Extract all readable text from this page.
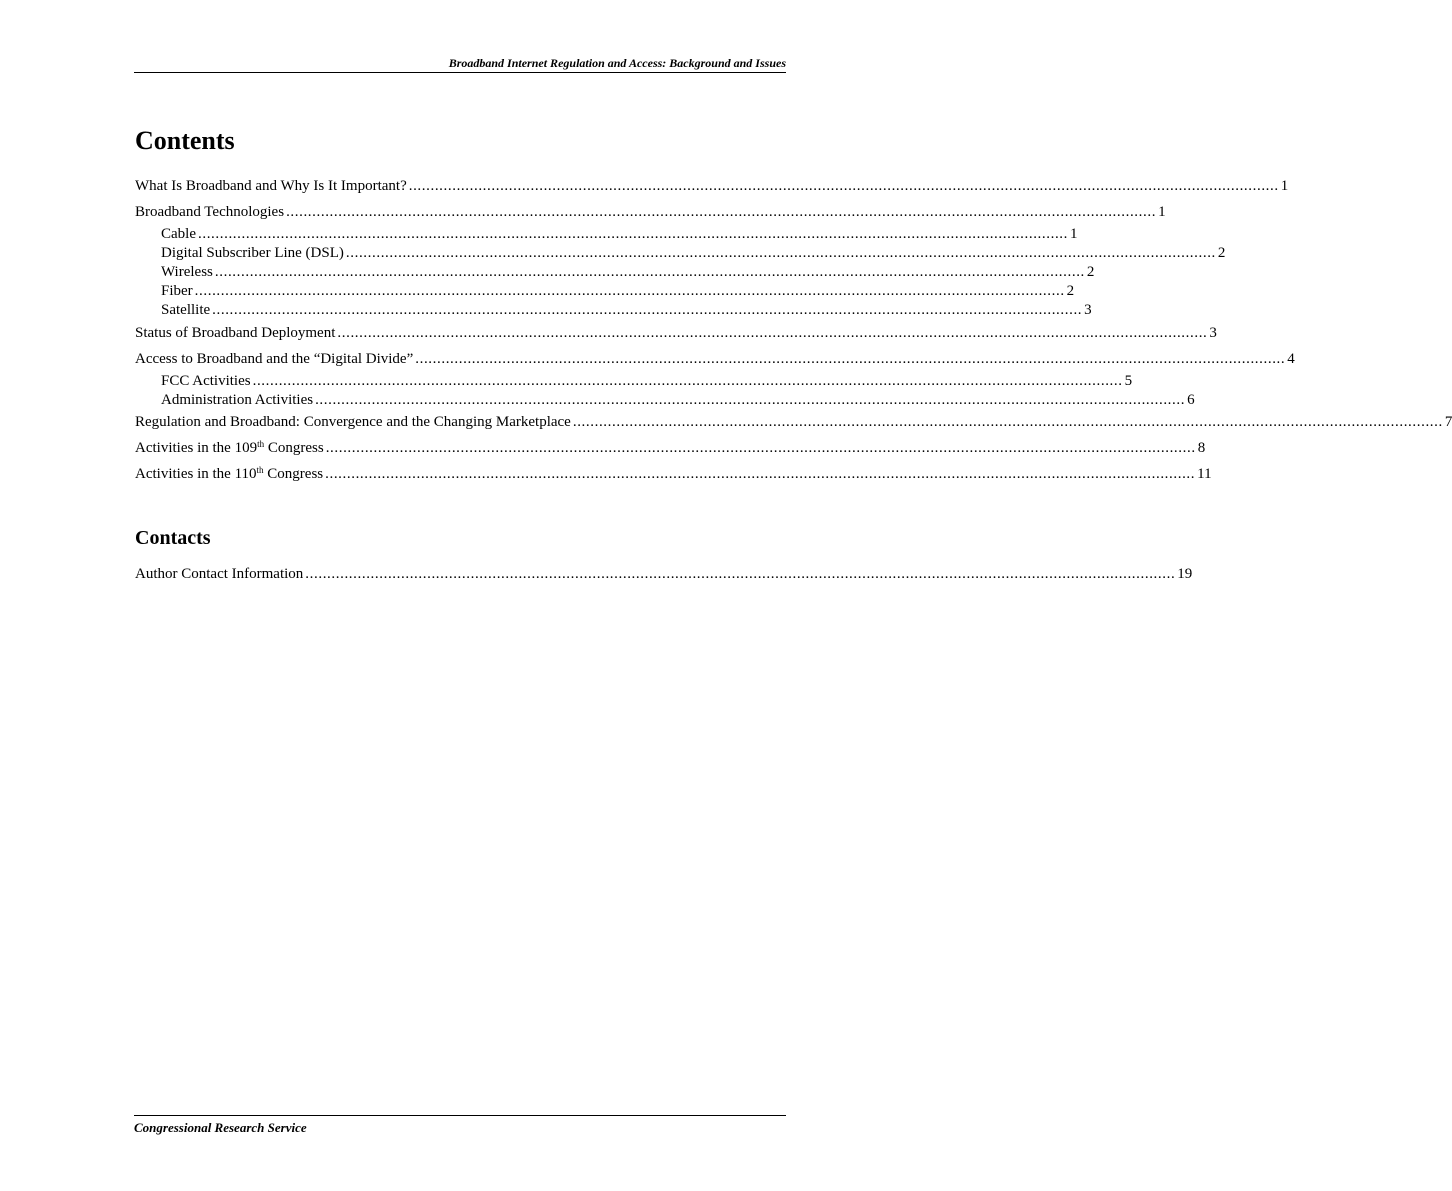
Broadband Internet Regulation and Access: Background and Issues
Contents
What Is Broadband and Why Is It Important? ........................................................................................................................................................................................................ 1
Broadband Technologies ........................................................................................................................................................................................................ 1
Cable ........................................................................................................................................................................................................ 1
Digital Subscriber Line (DSL) ........................................................................................................................................................................................................ 2
Wireless ........................................................................................................................................................................................................ 2
Fiber ........................................................................................................................................................................................................ 2
Satellite ........................................................................................................................................................................................................ 3
Status of Broadband Deployment ........................................................................................................................................................................................................ 3
Access to Broadband and the “Digital Divide” ........................................................................................................................................................................................................ 4
FCC Activities ........................................................................................................................................................................................................ 5
Administration Activities ........................................................................................................................................................................................................ 6
Regulation and Broadband: Convergence and the Changing Marketplace ........................................................................................................................................................................................................ 7
Activities in the 109th Congress ........................................................................................................................................................................................................ 8
Activities in the 110th Congress ........................................................................................................................................................................................................ 11
Contacts
Author Contact Information ........................................................................................................................................................................................................ 19
Congressional Research Service
